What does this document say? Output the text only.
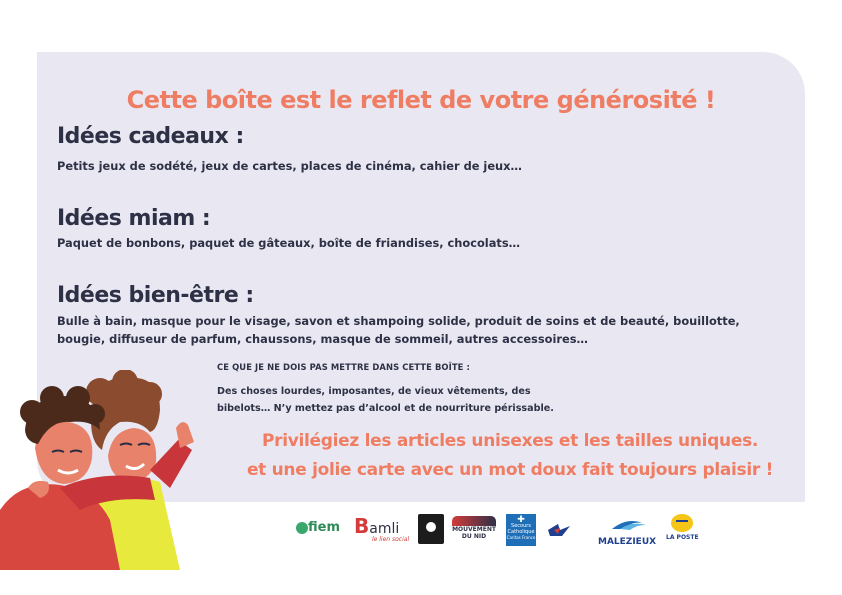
Cette boîte est le reflet de votre générosité !
Idées cadeaux :
Petits jeux de sodété, jeux de cartes, places de cinéma, cahier de jeux…
Idées miam :
Paquet de bonbons, paquet de gâteaux, boîte de friandises, chocolats…
Idées bien-être :
Bulle à bain, masque pour le visage, savon et shampoing solide, produit de soins et de beauté, bouillotte,
bougie, diffuseur de parfum, chaussons, masque de sommeil, autres accessoires…
CE QUE JE NE DOIS PAS METTRE DANS CETTE BOÎTE :
Des choses lourdes, imposantes, de vieux vêtements, des
bibelots… N’y mettez pas d’alcool et de nourriture périssable.
Privilégiez les articles unisexes et les tailles uniques.
et une jolie carte avec un mot doux fait toujours plaisir !
fiem Bamli
le lien social
MOUVEMENT DU NID
✚
Secours Catholique
Caritas France	MALEZIEUX LA POSTE
